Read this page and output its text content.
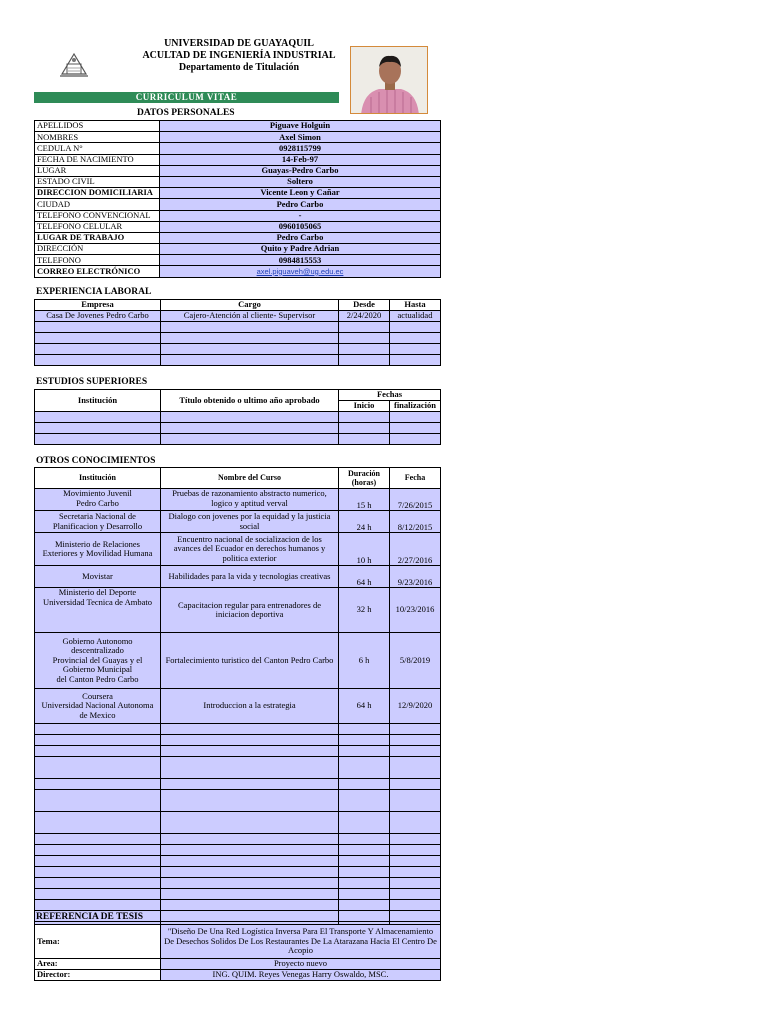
UNIVERSIDAD DE GUAYAQUIL
ACULTAD DE INGENIERÍA INDUSTRIAL
Departamento de Titulación
CURRICULUM VITAE
DATOS PERSONALES
APELLIDOS	Piguave Holguin
NOMBRES	Axel Simon
CEDULA N°	0928115799
FECHA DE NACIMIENTO	14-Feb-97
LUGAR	Guayas-Pedro Carbo
ESTADO CIVIL	Soltero
DIRECCION DOMICILIARIA	Vicente Leon y Cañar
CIUDAD	Pedro Carbo
TELEFONO CONVENCIONAL	-
TELEFONO CELULAR	0960105065
LUGAR DE TRABAJO	Pedro Carbo
DIRECCIÓN	Quito y Padre Adrian
TELEFONO	0984815553
CORREO ELECTRÓNICO	axel.piguaveh@ug.edu.ec
EXPERIENCIA LABORAL
Empresa	Cargo	Desde	Hasta
Casa De Jovenes Pedro Carbo	Cajero-Atención al cliente- Supervisor	2/24/2020	actualidad

ESTUDIOS SUPERIORES
Institución	Título obtenido o ultimo año aprobado	Fechas	
		Inicio	finalización

OTROS CONOCIMIENTOS
Institución	Nombre del Curso	Duración (horas)	Fecha
Movimiento Juvenil
Pedro Carbo	Pruebas de razonamiento abstracto numerico, logico y aptitud verval	15 h	7/26/2015
Secretaria Nacional de Planificacion y Desarrollo	Dialogo con jovenes por la equidad y la justicia social	24 h	8/12/2015
Ministerio de Relaciones Exteriores y Movilidad Humana	Encuentro nacional de socializacion de los avances del Ecuador en derechos humanos y politica exterior	10 h	2/27/2016
Movistar	Habilidades para la vida y tecnologias creativas	64 h	9/23/2016
Ministerio del Deporte
Universidad Tecnica de Ambato	Capacitacion regular para entrenadores de iniciacion deportiva	32 h	10/23/2016
Gobierno Autonomo
descentralizado
Provincial del Guayas y el Gobierno Municipal
del Canton Pedro Carbo	Fortalecimiento turistico del Canton Pedro Carbo	6 h	5/8/2019
Coursera
Universidad Nacional Autonoma de Mexico	Introduccion a la estrategia	64 h	12/9/2020

REFERENCIA DE TESIS
Tema:	"Diseño De Una Red Logística Inversa Para El Transporte Y Almacenamiento De Desechos Solidos De Los Restaurantes De La Atarazana Hacia El Centro De Acopio
Area:	Proyecto nuevo
Director:	ING. QUIM. Reyes Venegas Harry Oswaldo, MSC.
